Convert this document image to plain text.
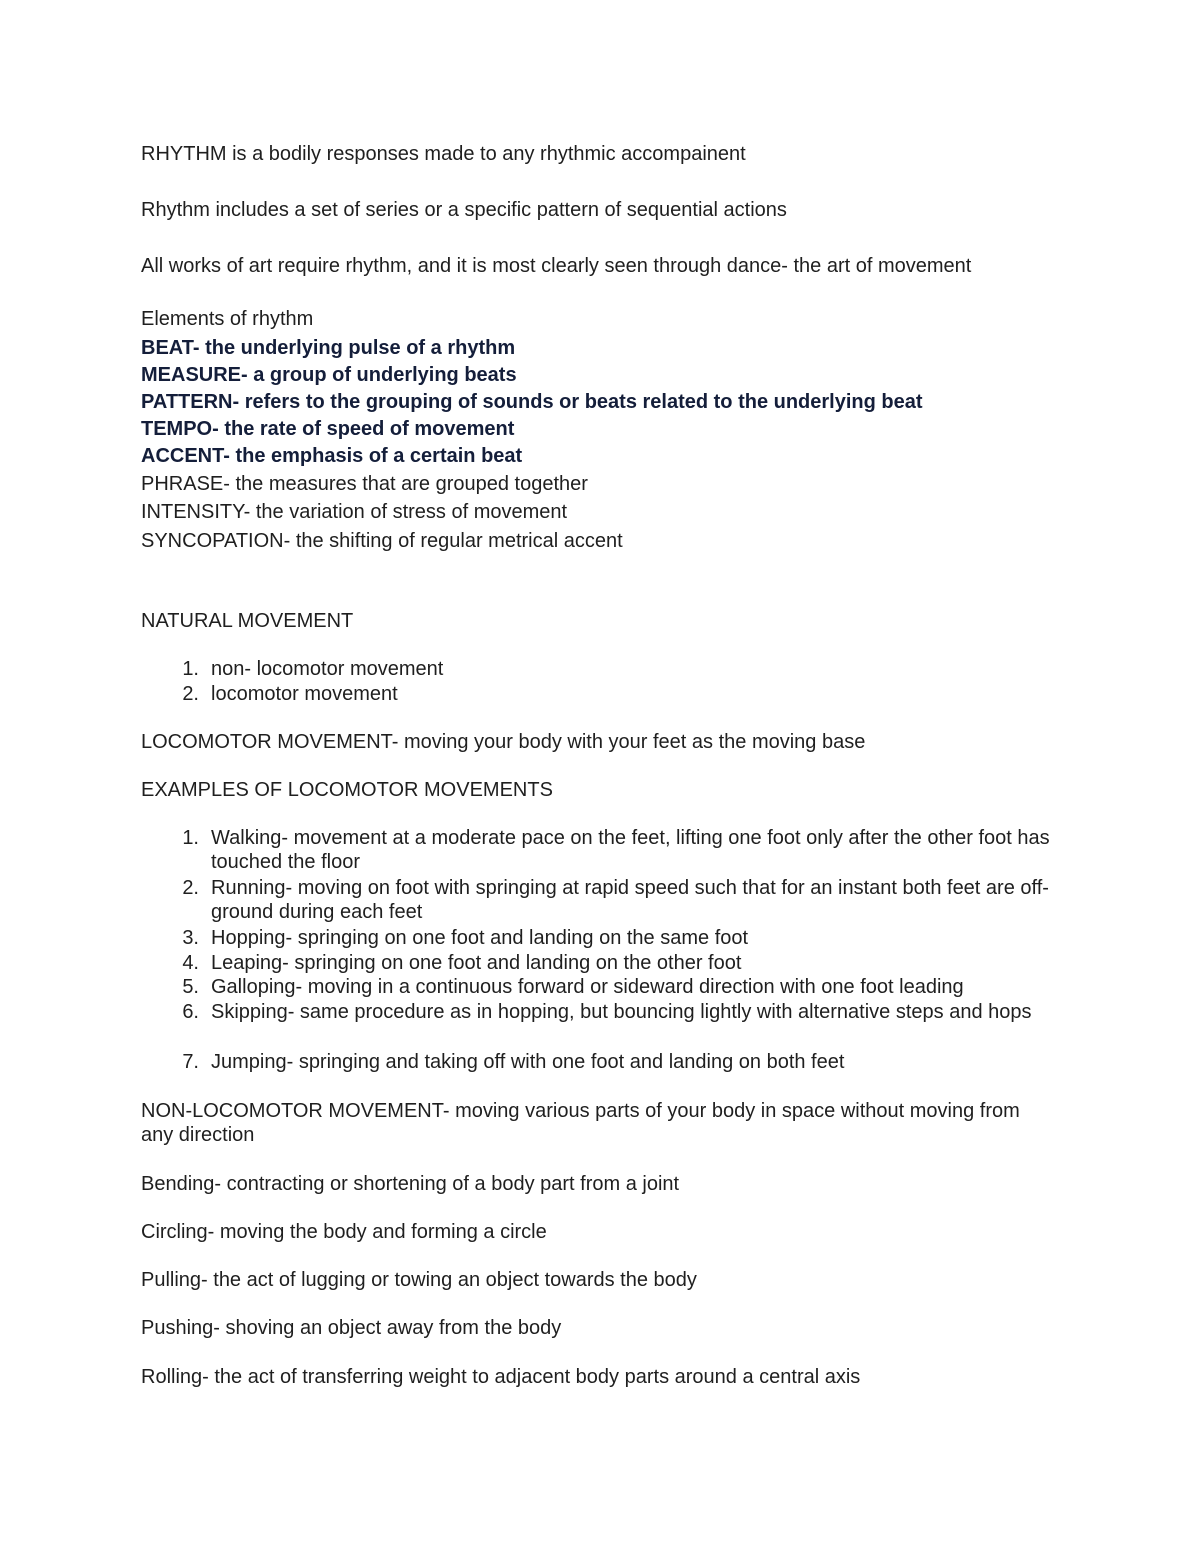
RHYTHM is a bodily responses made to any rhythmic accompainent
Rhythm includes a set of series or a specific pattern of sequential actions
All works of art require rhythm, and it is most clearly seen through dance- the art of movement
Elements of rhythm
BEAT- the underlying pulse of a rhythm
MEASURE- a group of underlying beats
PATTERN- refers to the grouping of sounds or beats related to the underlying beat
TEMPO- the rate of speed of movement
ACCENT- the emphasis of a certain beat
PHRASE- the measures that are grouped together
INTENSITY- the variation of stress of movement
SYNCOPATION- the shifting of regular metrical accent
NATURAL MOVEMENT
1. non- locomotor movement
2. locomotor movement
LOCOMOTOR MOVEMENT- moving your body with your feet as the moving base
EXAMPLES OF LOCOMOTOR MOVEMENTS
1. Walking- movement at a moderate pace on the feet, lifting one foot only after the other foot has touched the floor
2. Running- moving on foot with springing at rapid speed such that for an instant both feet are off-ground during each feet
3. Hopping- springing on one foot and landing on the same foot
4. Leaping- springing on one foot and landing on the other foot
5. Galloping- moving in a continuous forward or sideward direction with one foot leading
6. Skipping- same procedure as in hopping, but bouncing lightly with alternative steps and hops
7. Jumping- springing and taking off with one foot and landing on both feet
NON-LOCOMOTOR MOVEMENT- moving various parts of your body in space without moving from any direction
Bending- contracting or shortening of a body part from a joint
Circling- moving the body and forming a circle
Pulling- the act of lugging or towing an object towards the body
Pushing- shoving an object away from the body
Rolling- the act of transferring weight to adjacent body parts around a central axis
